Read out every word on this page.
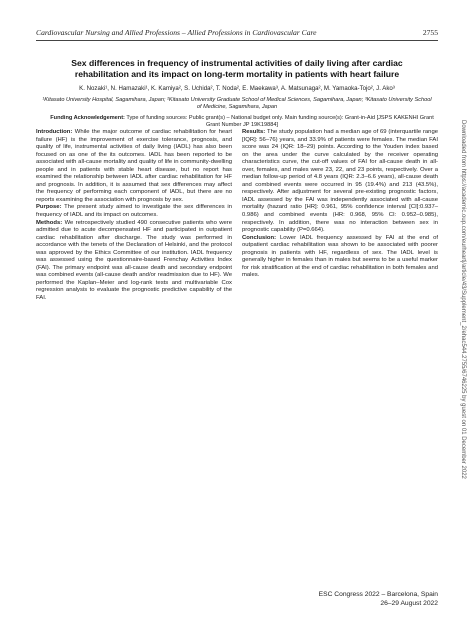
Cardiovascular Nursing and Allied Professions – Allied Professions in Cardiovascular Care	2755
Sex differences in frequency of instrumental activities of daily living after cardiac rehabilitation and its impact on long-term mortality in patients with heart failure
K. Nozaki¹, N. Hamazaki¹, K. Kamiya², S. Uchida², T. Noda², E. Maekawa³, A. Matsunaga², M. Yamaoka-Tojo², J. Ako³
¹Kitasato University Hospital, Sagamihara, Japan; ²Kitasato University Graduate School of Medical Sciences, Sagamihara, Japan; ³Kitasato University School of Medicine, Sagamihara, Japan
Funding Acknowledgement: Type of funding sources: Public grant(s) – National budget only. Main funding source(s): Grant-in-Aid [JSPS KAKENHI Grant Grant Number JP 19K19884]

Introduction: While the major outcome of cardiac rehabilitation for heart failure (HF) is the improvement of exercise tolerance, prognosis, and quality of life, instrumental activities of daily living (IADL) has also been focused on as one of the its outcomes. IADL has been reported to be associated with all-cause mortality and quality of life in community-dwelling people and in patients with stable heart disease, but no report has examined the relationship between IADL after cardiac rehabilitation for HF and prognosis. In addition, it is assumed that sex differences may affect the frequency of performing each component of IADL, but there are no reports examining the association with prognosis by sex.

Purpose: The present study aimed to investigate the sex differences in frequency of IADL and its impact on outcomes.

Methods: We retrospectively studied 490 consecutive patients who were admitted due to acute decompensated HF and participated in outpatient cardiac rehabilitation after discharge. The study was performed in accordance with the tenets of the Declaration of Helsinki, and the protocol was approved by the Ethics Committee of our institution. IADL frequency was assessed using the questionnaire-based Frenchay Activities Index (FAI). The primary endpoint was all-cause death and secondary endpoint was combined events (all-cause death and/or readmission due to HF). We performed the Kaplan–Meier and log-rank tests and multivariable Cox regression analysis to evaluate the prognostic predictive capability of the FAI.

Results: The study population had a median age of 69 (interquartile range [IQR]: 56–76) years, and 33.9% of patients were females. The median FAI score was 24 (IQR: 18–29) points. According to the Youden index based on the area under the curve calculated by the receiver operating characteristics curve, the cut-off values of FAI for all-cause death in all-over, females, and males were 23, 22, and 23 points, respectively. Over a median follow-up period of 4.8 years (IQR: 2.3–6.6 years), all-cause death and combined events were occurred in 95 (19.4%) and 213 (43.5%), respectively. After adjustment for several pre-existing prognostic factors, IADL assessed by the FAI was independently associated with all-cause mortality (hazard ratio [HR]: 0.961, 95% confidence interval [CI]:0.937–0.986) and combined events (HR: 0.968, 95% CI: 0.952–0.985), respectively. In addition, there was no interaction between sex in prognostic capability (P=0.664).

Conclusion: Lower IADL frequency assessed by FAI at the end of outpatient cardiac rehabilitation was shown to be associated with poorer prognosis in patients with HF, regardless of sex. The IADL level is generally higher in females than in males but seems to be a useful marker for risk stratification at the end of cardiac rehabilitation in both females and males.	Downloaded from https://academic.oup.com/eurheartj/article/43/Supplement_2/ehac544.2755/6746225 by guest on 01 December 2022
ESC Congress 2022 – Barcelona, Spain
26–29 August 2022
